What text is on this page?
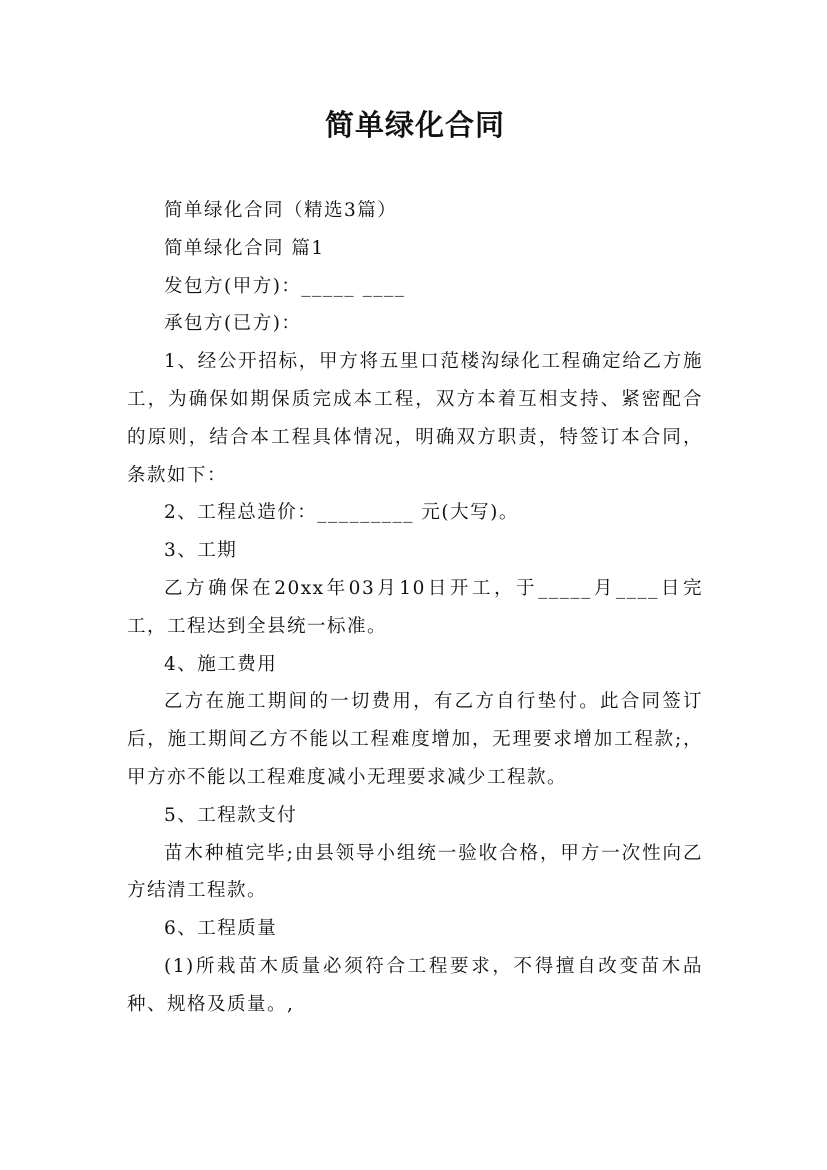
简单绿化合同

简单绿化合同（精选3篇）

简单绿化合同 篇1

发包方(甲方)：_____ ____

承包方(已方)：

1、经公开招标，甲方将五里口范楼沟绿化工程确定给乙方施工，为确保如期保质完成本工程，双方本着互相支持、紧密配合的原则，结合本工程具体情况，明确双方职责，特签订本合同，条款如下：

2、工程总造价：_________ 元(大写)。

3、工期

乙方确保在20xx年03月10日开工，于_____月____日完工，工程达到全县统一标准。

4、施工费用

乙方在施工期间的一切费用，有乙方自行垫付。此合同签订后，施工期间乙方不能以工程难度增加，无理要求增加工程款;，甲方亦不能以工程难度减小无理要求减少工程款。

5、工程款支付

苗木种植完毕;由县领导小组统一验收合格，甲方一次性向乙方结清工程款。

6、工程质量

(1)所栽苗木质量必须符合工程要求，不得擅自改变苗木品种、规格及质量。,
